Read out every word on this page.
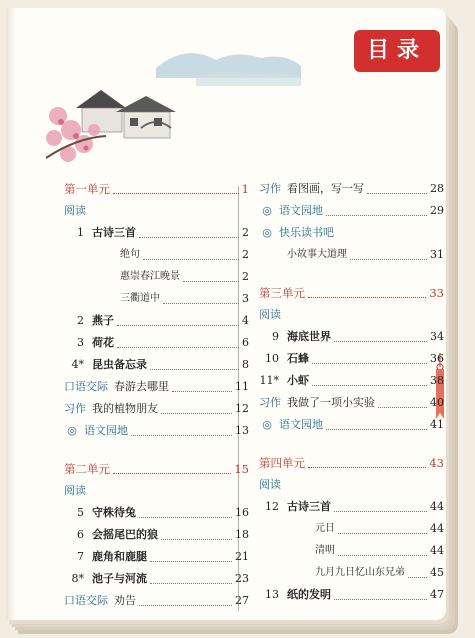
目录
第一单元	1
阅读
1 古诗三首	2
绝句	2
惠崇春江晚景	2
三衢道中	3
2 燕子	4
3 荷花	6
4* 昆虫备忘录	8
口语交际 春游去哪里	11
习作 我的植物朋友	12
◎ 语文园地	13
第二单元	15
阅读
5 守株待兔	16
6 会摇尾巴的狼	18
7 鹿角和鹿腿	21
8* 池子与河流	23
口语交际 劝告	27
习作 看图画，写一写	28
◎ 语文园地	29
◎ 快乐读书吧
小故事大道理	31
第三单元	33
阅读
9 海底世界	34
10 石蜂	36
11* 小虾	38
习作 我做了一项小实验	40
◎ 语文园地	41
第四单元	43
阅读
12 古诗三首	44
元日	44
清明	44
九月九日忆山东兄弟 45
13 纸的发明	47
